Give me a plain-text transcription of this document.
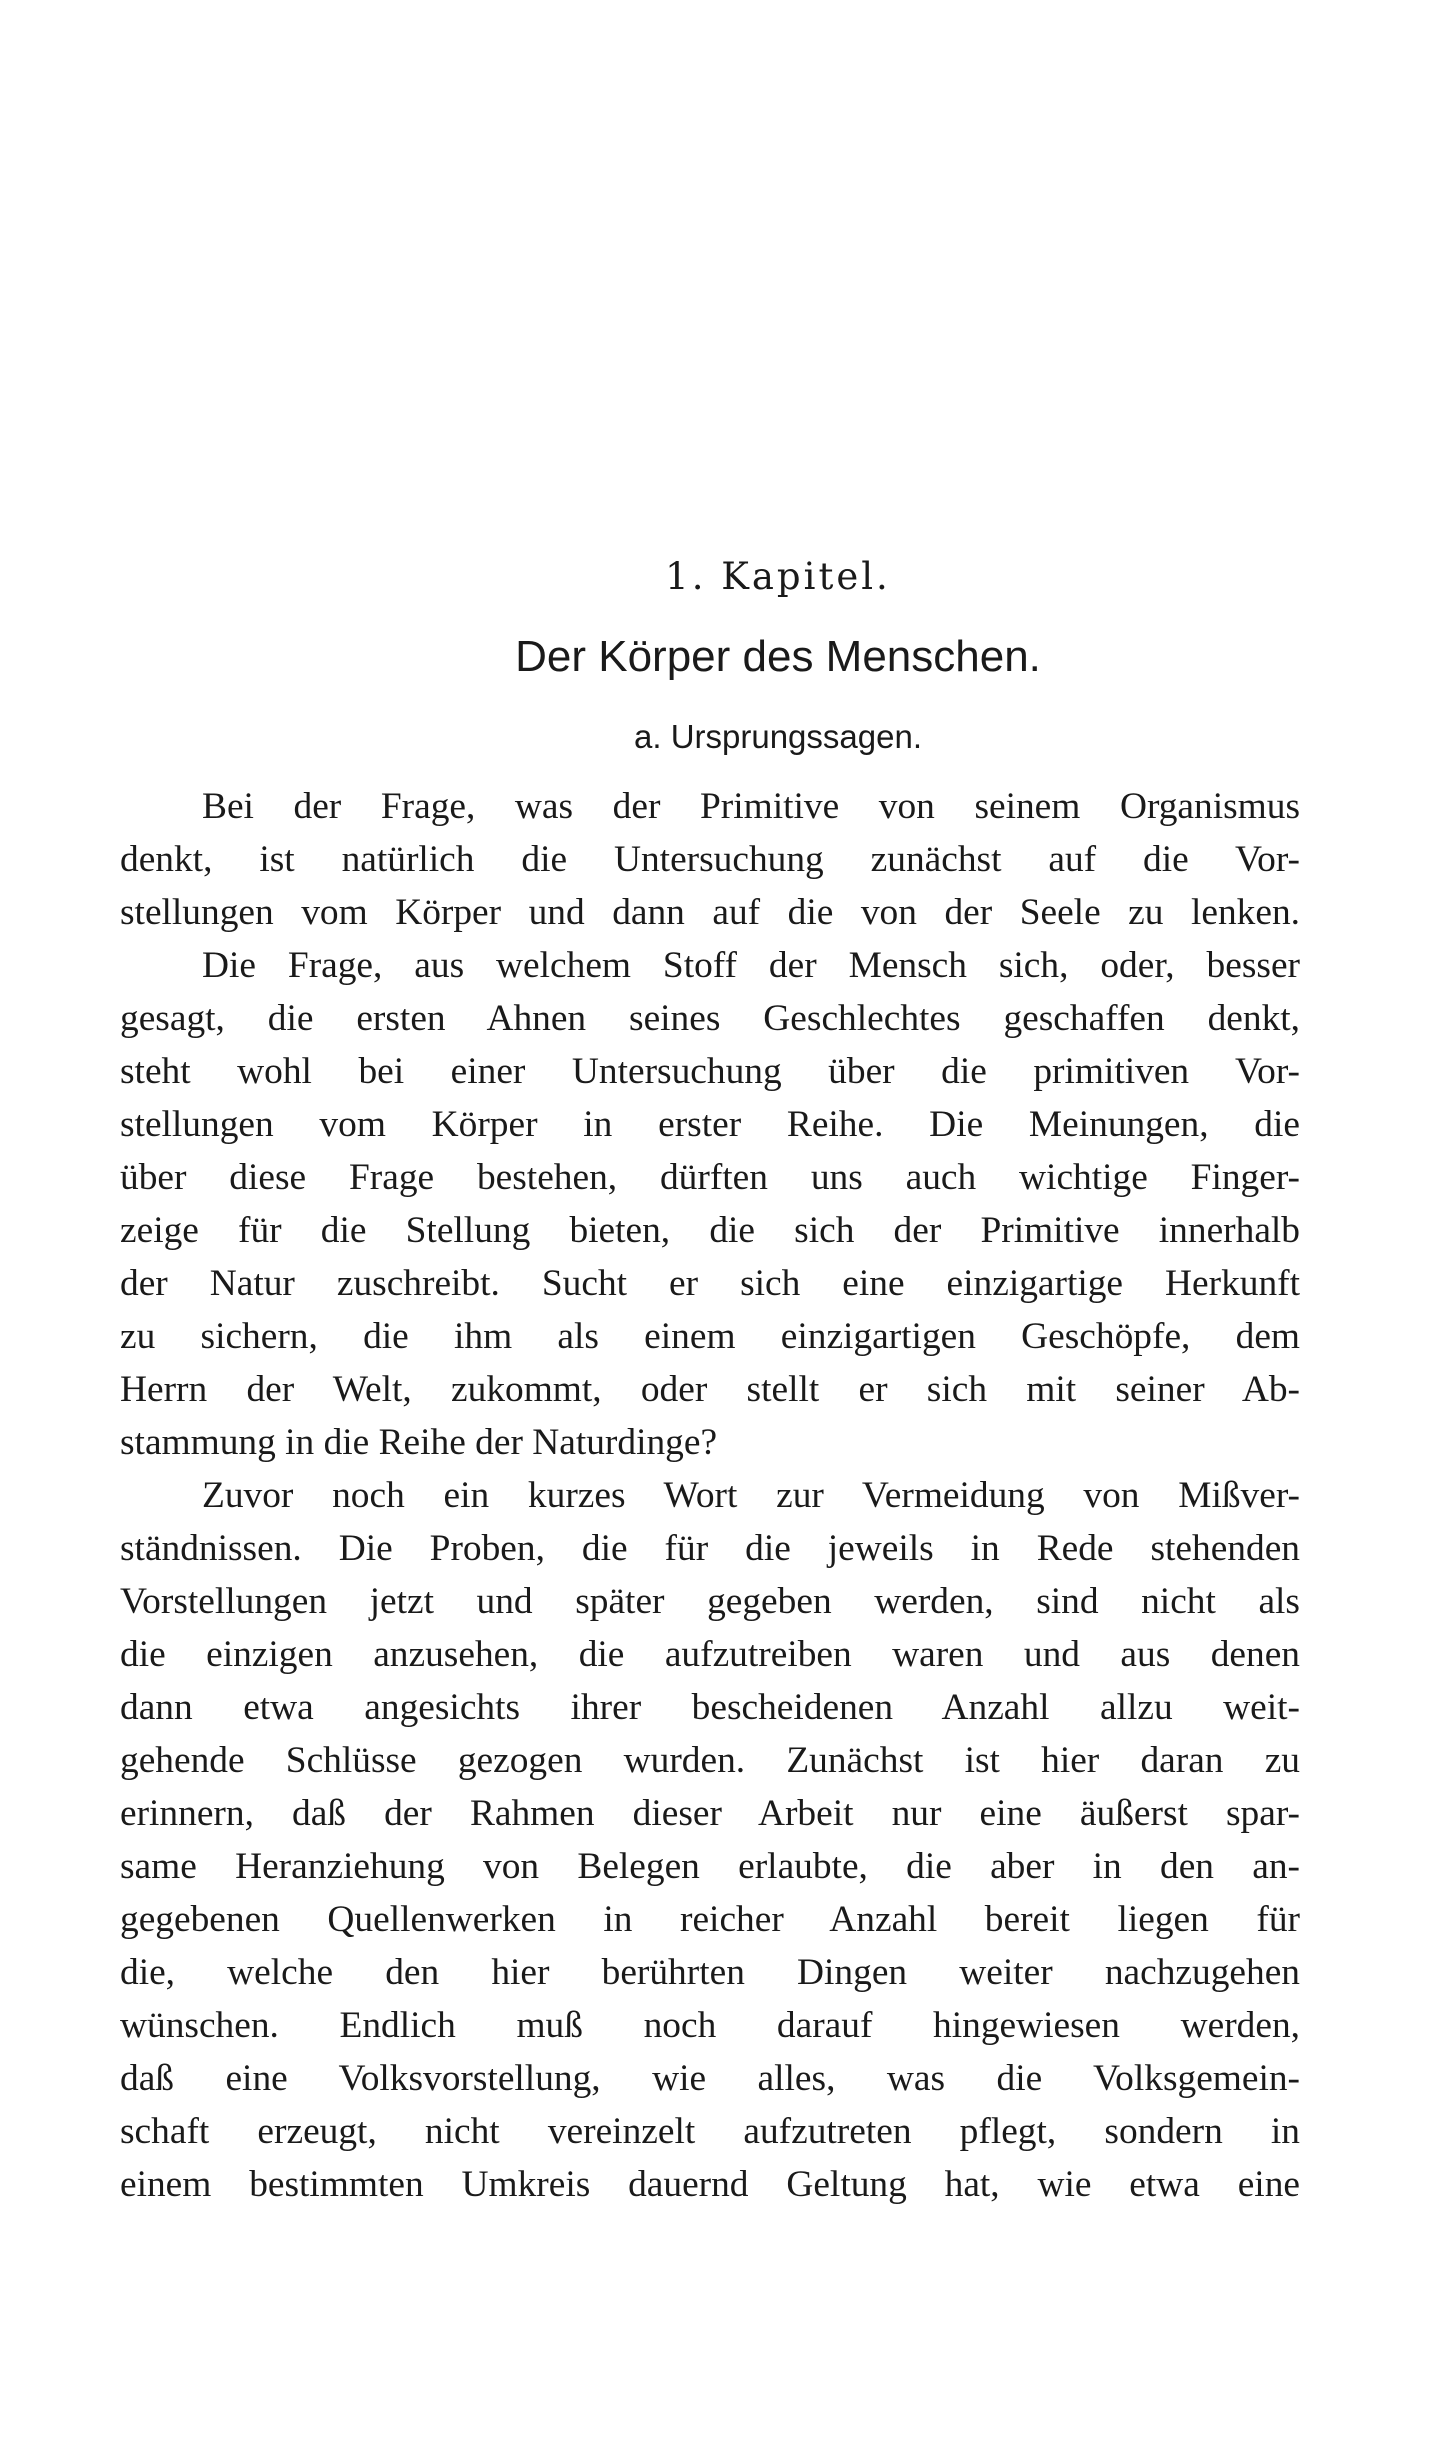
1. Kapitel.
Der Körper des Menschen.
a. Ursprungssagen.
Bei der Frage, was der Primitive von seinem Organismus
denkt, ist natürlich die Untersuchung zunächst auf die Vor-
stellungen vom Körper und dann auf die von der Seele zu lenken.
Die Frage, aus welchem Stoff der Mensch sich, oder, besser
gesagt, die ersten Ahnen seines Geschlechtes geschaffen denkt,
steht wohl bei einer Untersuchung über die primitiven Vor-
stellungen vom Körper in erster Reihe. Die Meinungen, die
über diese Frage bestehen, dürften uns auch wichtige Finger-
zeige für die Stellung bieten, die sich der Primitive innerhalb
der Natur zuschreibt. Sucht er sich eine einzigartige Herkunft
zu sichern, die ihm als einem einzigartigen Geschöpfe, dem
Herrn der Welt, zukommt, oder stellt er sich mit seiner Ab-
stammung in die Reihe der Naturdinge?
Zuvor noch ein kurzes Wort zur Vermeidung von Mißver-
ständnissen. Die Proben, die für die jeweils in Rede stehenden
Vorstellungen jetzt und später gegeben werden, sind nicht als
die einzigen anzusehen, die aufzutreiben waren und aus denen
dann etwa angesichts ihrer bescheidenen Anzahl allzu weit-
gehende Schlüsse gezogen wurden. Zunächst ist hier daran zu
erinnern, daß der Rahmen dieser Arbeit nur eine äußerst spar-
same Heranziehung von Belegen erlaubte, die aber in den an-
gegebenen Quellenwerken in reicher Anzahl bereit liegen für
die, welche den hier berührten Dingen weiter nachzugehen
wünschen. Endlich muß noch darauf hingewiesen werden,
daß eine Volksvorstellung, wie alles, was die Volksgemein-
schaft erzeugt, nicht vereinzelt aufzutreten pflegt, sondern in
einem bestimmten Umkreis dauernd Geltung hat, wie etwa eine
